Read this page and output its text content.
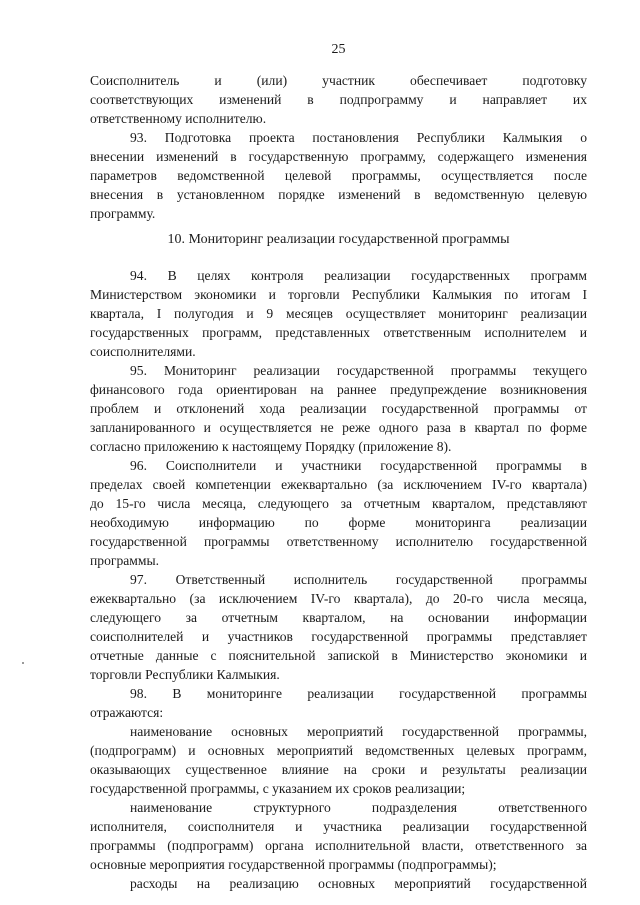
25
Соисполнитель и (или) участник обеспечивает подготовку
соответствующих изменений в подпрограмму и направляет их
ответственному исполнителю.
93. Подготовка проекта постановления Республики Калмыкия о
внесении изменений в государственную программу, содержащего изменения
параметров ведомственной целевой программы, осуществляется после
внесения в установленном порядке изменений в ведомственную целевую
программу.
10. Мониторинг реализации государственной программы
94. В целях контроля реализации государственных программ
Министерством экономики и торговли Республики Калмыкия по итогам I
квартала, I полугодия и 9 месяцев осуществляет мониторинг реализации
государственных программ, представленных ответственным исполнителем и
соисполнителями.
95. Мониторинг реализации государственной программы текущего
финансового года ориентирован на раннее предупреждение возникновения
проблем и отклонений хода реализации государственной программы от
запланированного и осуществляется не реже одного раза в квартал по форме
согласно приложению к настоящему Порядку (приложение 8).
96. Соисполнители и участники государственной программы в
пределах своей компетенции ежеквартально (за исключением IV-го квартала)
до 15-го числа месяца, следующего за отчетным кварталом, представляют
необходимую информацию по форме мониторинга реализации
государственной программы ответственному исполнителю государственной
программы.
97. Ответственный исполнитель государственной программы
ежеквартально (за исключением IV-го квартала), до 20-го числа месяца,
следующего за отчетным кварталом, на основании информации
соисполнителей и участников государственной программы представляет
отчетные данные с пояснительной запиской в Министерство экономики и
торговли Республики Калмыкия.
98. В мониторинге реализации государственной программы
отражаются:
наименование основных мероприятий государственной программы,
(подпрограмм) и основных мероприятий ведомственных целевых программ,
оказывающих существенное влияние на сроки и результаты реализации
государственной программы, с указанием их сроков реализации;
наименование структурного подразделения ответственного
исполнителя, соисполнителя и участника реализации государственной
программы (подпрограмм) органа исполнительной власти, ответственного за
основные мероприятия государственной программы (подпрограммы);
расходы на реализацию основных мероприятий государственной
